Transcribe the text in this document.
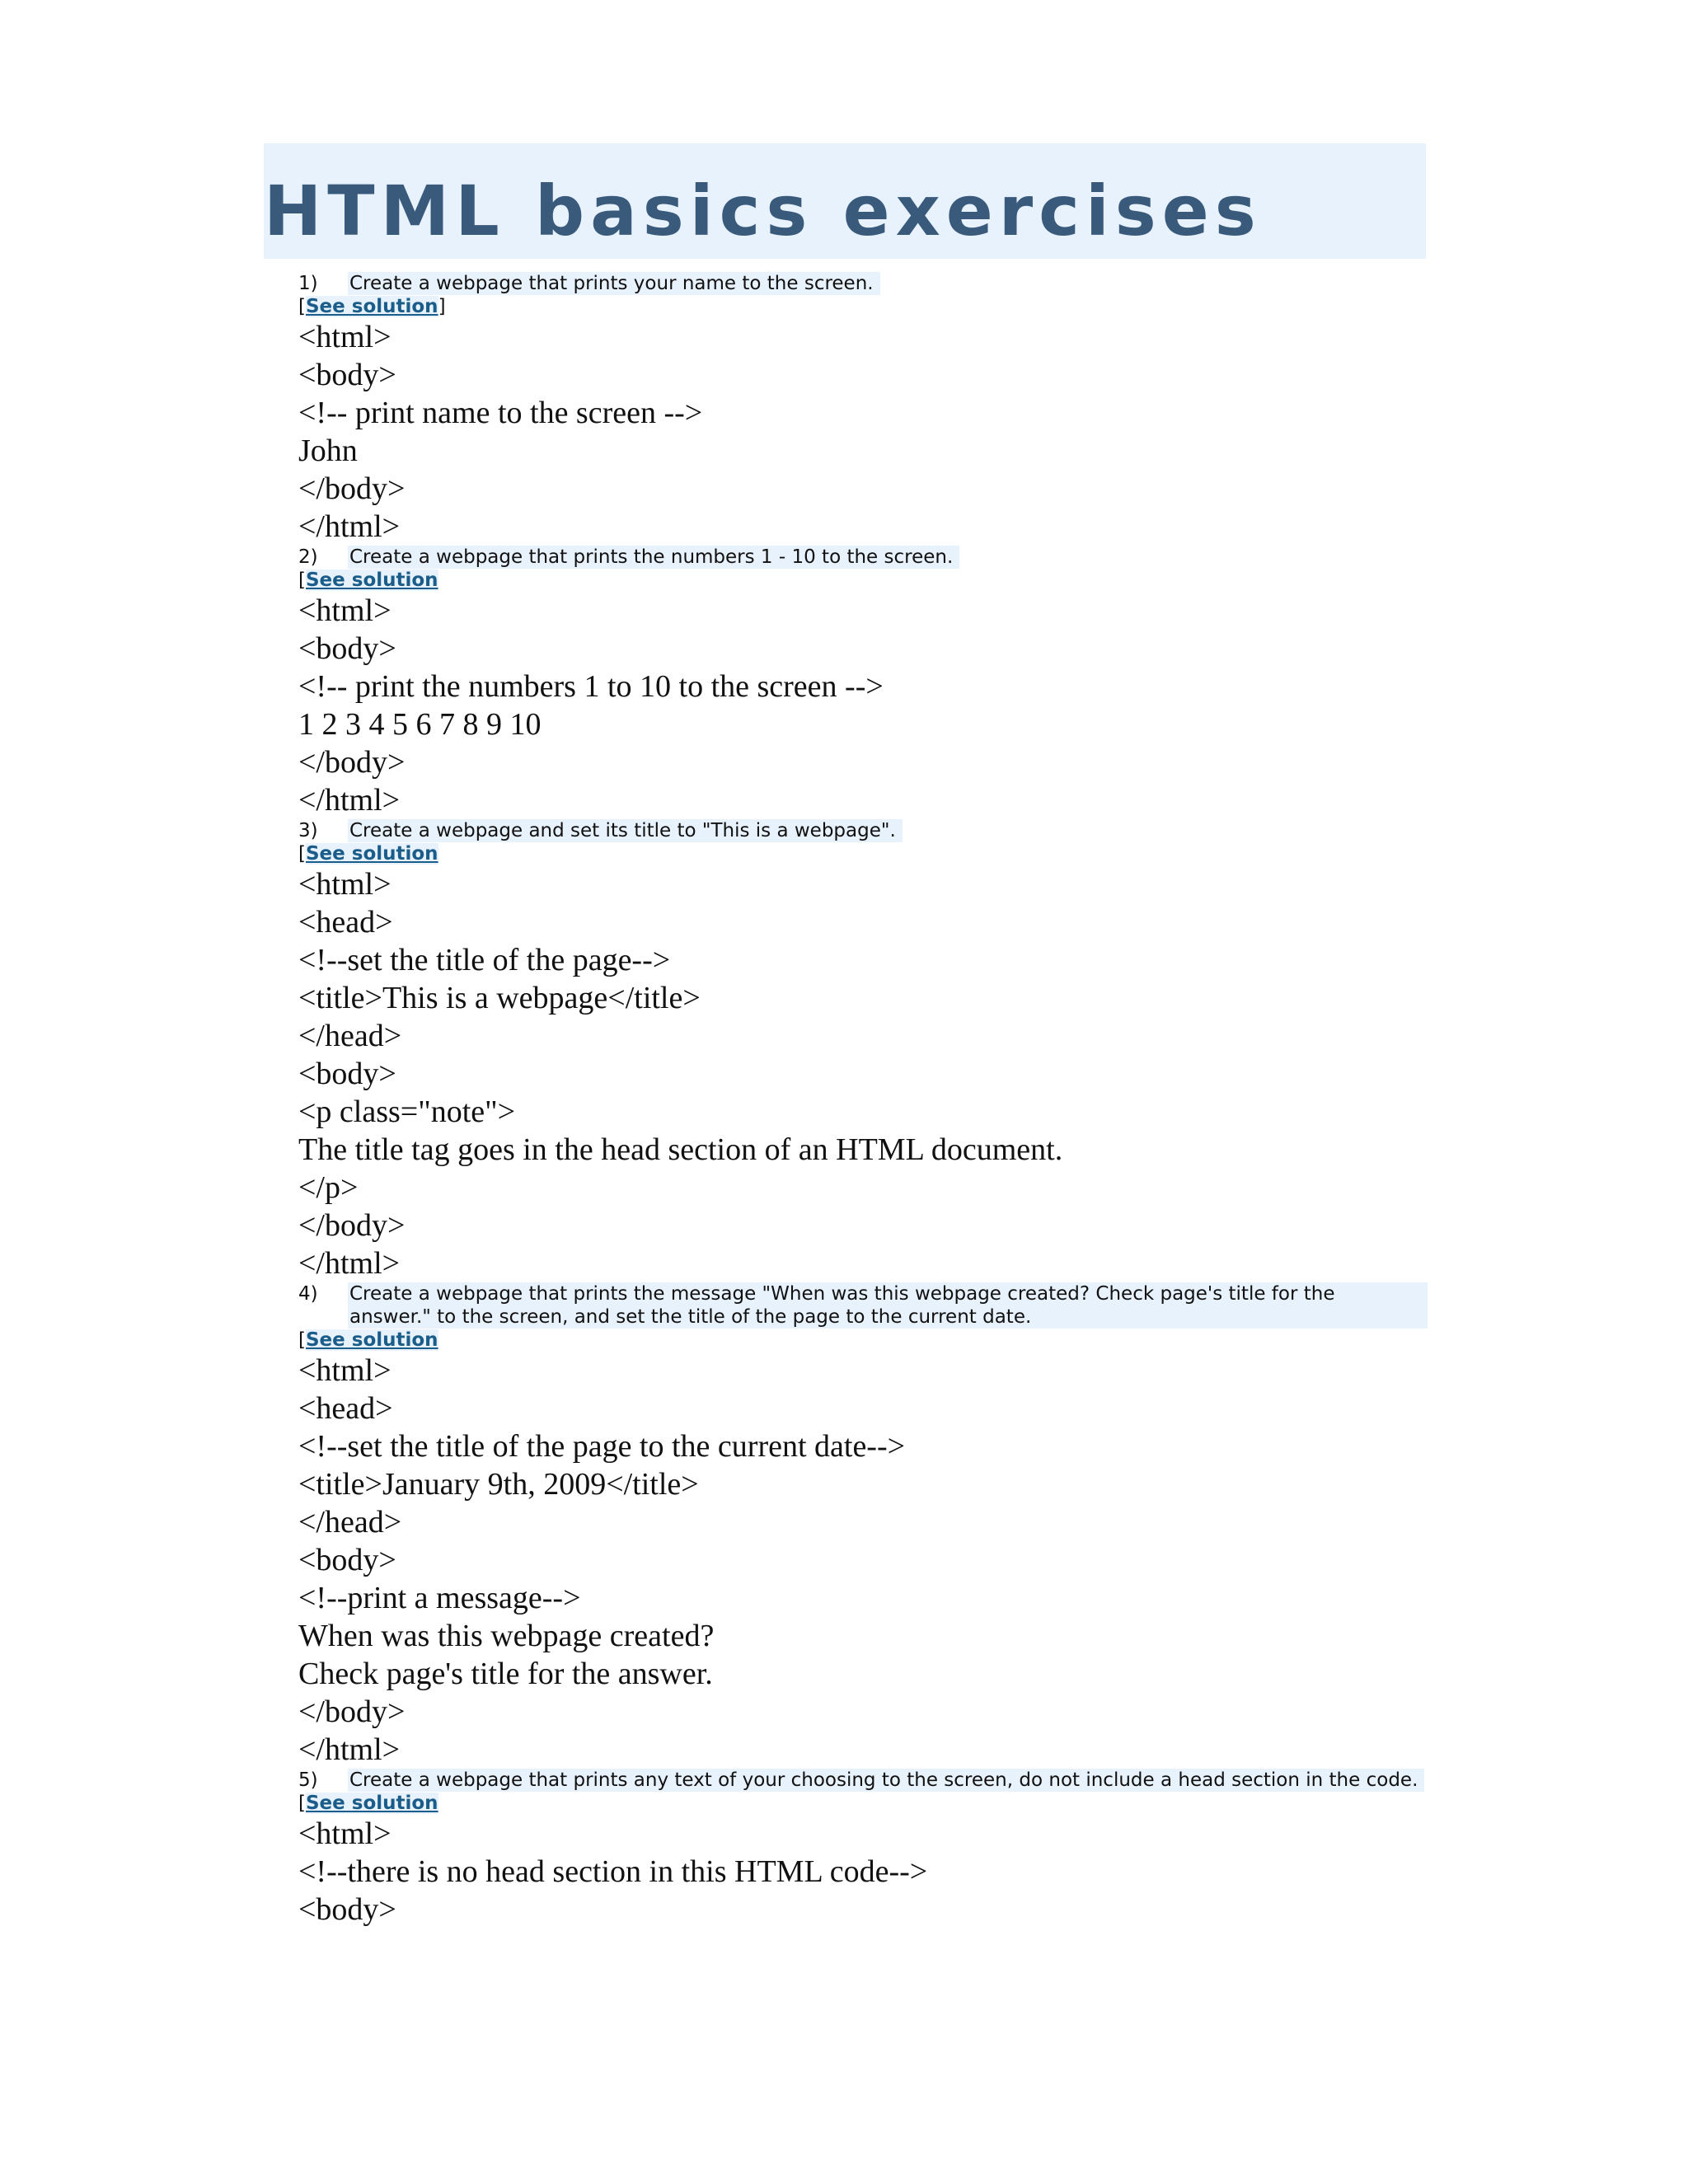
HTML basics exercises
1)	Create a webpage that prints your name to the screen.
[See solution]
<html>
<body>
<!-- print name to the screen -->
John
</body>
</html>
2)	Create a webpage that prints the numbers 1 - 10 to the screen.
[See solution
<html>
<body>
<!-- print the numbers 1 to 10 to the screen -->
1 2 3 4 5 6 7 8 9 10
</body>
</html>
3)	Create a webpage and set its title to "This is a webpage".
[See solution
<html>
<head>
<!--set the title of the page-->
<title>This is a webpage</title>
</head>
<body>
<p class="note">
The title tag goes in the head section of an HTML document.
</p>
</body>
</html>
4)	Create a webpage that prints the message "When was this webpage created? Check page's title for the answer." to the screen, and set the title of the page to the current date.
[See solution
<html>
<head>
<!--set the title of the page to the current date-->
<title>January 9th, 2009</title>
</head>
<body>
<!--print a message-->
When was this webpage created?
Check page's title for the answer.
</body>
</html>
5)	Create a webpage that prints any text of your choosing to the screen, do not include a head section in the code.
[See solution
<html>
<!--there is no head section in this HTML code-->
<body>
